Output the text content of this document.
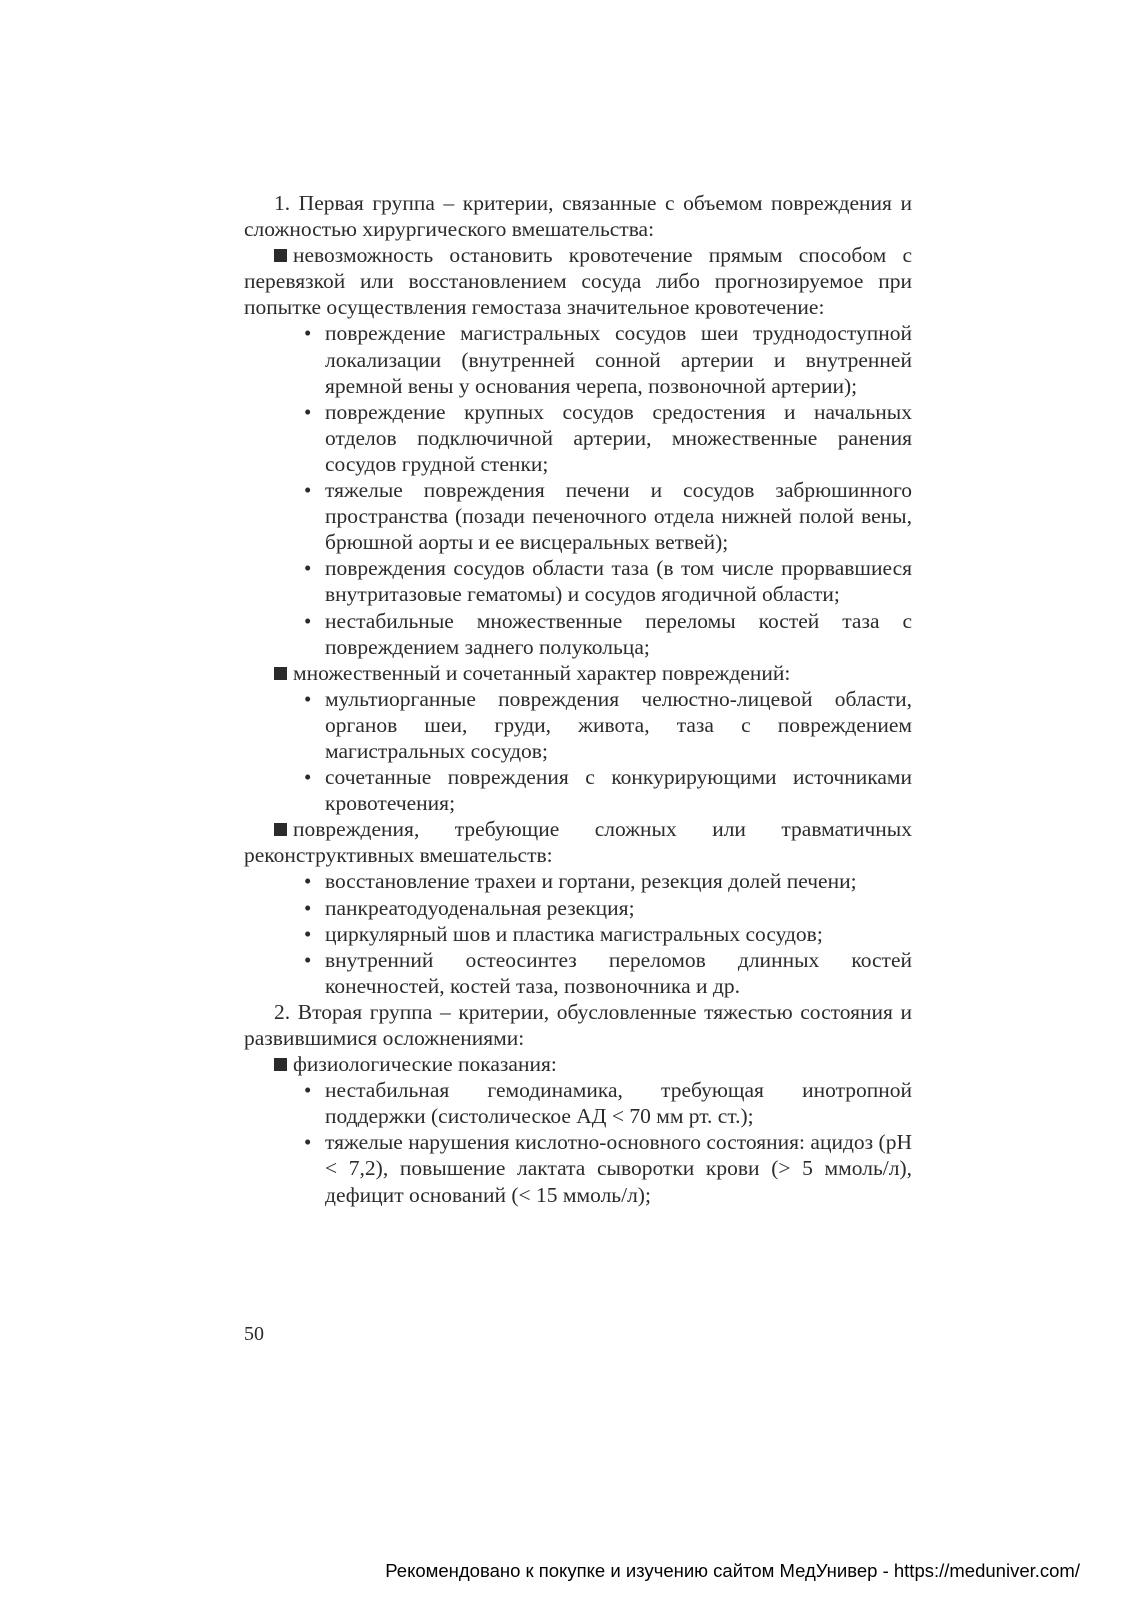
1. Первая группа – критерии, связанные с объемом повреждения и сложностью хирургического вмешательства:

невозможность остановить кровотечение прямым способом с перевязкой или восстановлением сосуда либо прогнозируемое при попытке осуществления гемостаза значительное кровотечение:

• повреждение магистральных сосудов шеи труднодоступной локализации (внутренней сонной артерии и внутренней яремной вены у основания черепа, позвоночной артерии);
• повреждение крупных сосудов средостения и начальных отделов подключичной артерии, множественные ранения сосудов грудной стенки;
• тяжелые повреждения печени и сосудов забрюшинного пространства (позади печеночного отдела нижней полой вены, брюшной аорты и ее висцеральных ветвей);
• повреждения сосудов области таза (в том числе прорвавшиеся внутритазовые гематомы) и сосудов ягодичной области;
• нестабильные множественные переломы костей таза с повреждением заднего полукольца;

множественный и сочетанный характер повреждений:

• мультиорганные повреждения челюстно-лицевой области, органов шеи, груди, живота, таза с повреждением магистральных сосудов;
• сочетанные повреждения с конкурирующими источниками кровотечения;

повреждения, требующие сложных или травматичных реконструктивных вмешательств:

• восстановление трахеи и гортани, резекция долей печени;
• панкреатодуоденальная резекция;
• циркулярный шов и пластика магистральных сосудов;
• внутренний остеосинтез переломов длинных костей конечностей, костей таза, позвоночника и др.

2. Вторая группа – критерии, обусловленные тяжестью состояния и развившимися осложнениями:

физиологические показания:

• нестабильная гемодинамика, требующая инотропной поддержки (систолическое АД < 70 мм рт. ст.);
• тяжелые нарушения кислотно-основного состояния: ацидоз (pH < 7,2), повышение лактата сыворотки крови (> 5 ммоль/л), дефицит оснований (< 15 ммоль/л);
50
Рекомендовано к покупке и изучению сайтом МедУнивер - https://meduniver.com/
